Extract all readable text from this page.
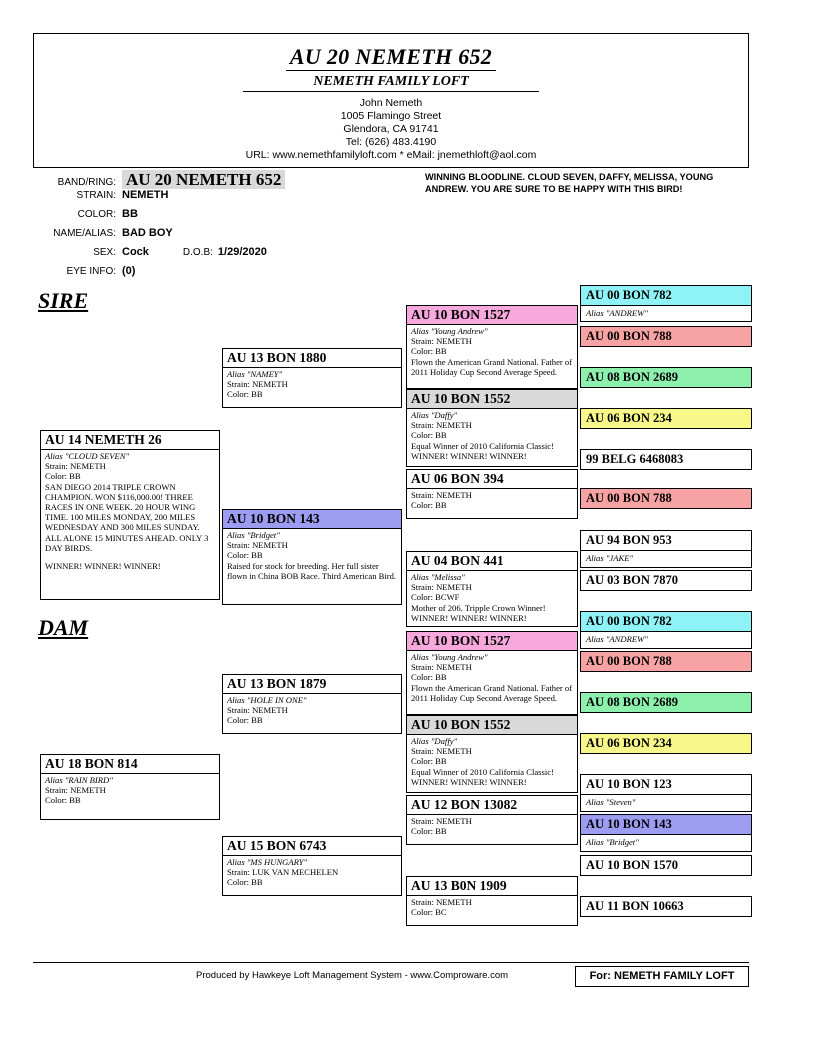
AU 20 NEMETH 652
NEMETH FAMILY LOFT
John Nemeth
1005 Flamingo Street
Glendora, CA 91741
Tel: (626) 483.4190
URL: www.nemethfamilyloft.com * eMail: jnemethloft@aol.com
BAND/RING: AU 20 NEMETH 652
STRAIN: NEMETH
COLOR: BB
NAME/ALIAS: BAD BOY
SEX: Cock	D.O.B: 1/29/2020
EYE INFO: (0)
WINNING BLOODLINE. CLOUD SEVEN, DAFFY, MELISSA, YOUNG ANDREW. YOU ARE SURE TO BE HAPPY WITH THIS BIRD!
SIRE
DAM
AU 14 NEMETH 26
Alias "CLOUD SEVEN"
Strain: NEMETH
Color: BB
SAN DIEGO 2014 TRIPLE CROWN CHAMPION. WON $116,000.00! THREE RACES IN ONE WEEK. 20 HOUR WING TIME. 100 MILES MONDAY, 200 MILES WEDNESDAY AND 300 MILES SUNDAY. ALL ALONE 15 MINUTES AHEAD. ONLY 3 DAY BIRDS.
WINNER! WINNER! WINNER!
AU 18 BON 814
Alias "RAIN BIRD"
Strain: NEMETH
Color: BB
AU 13 BON 1880
Alias "NAMEY"
Strain: NEMETH
Color: BB
AU 10 BON 143
Alias "Bridget"
Strain: NEMETH
Color: BB
Raised for stock for breeding. Her full sister flown in China BOB Race. Third American Bird.
AU 13 BON 1879
Alias "HOLE IN ONE"
Strain: NEMETH
Color: BB
AU 15 BON 6743
Alias "MS HUNGARY"
Strain: LUK VAN MECHELEN
Color: BB
AU 10 BON 1527
Alias "Young Andrew"
Strain: NEMETH
Color: BB
Flown the American Grand National. Father of 2011 Holiday Cup Second Average Speed.
AU 10 BON 1552
Alias "Daffy"
Strain: NEMETH
Color: BB
Equal Winner of 2010 California Classic! WINNER! WINNER! WINNER!
AU 06 BON 394
Strain: NEMETH
Color: BB
AU 04 BON 441
Alias "Melissa"
Strain: NEMETH
Color: BCWF
Mother of 206. Tripple Crown Winner! WINNER! WINNER! WINNER!
AU 10 BON 1527
Alias "Young Andrew"
Strain: NEMETH
Color: BB
Flown the American Grand National. Father of 2011 Holiday Cup Second Average Speed.
AU 10 BON 1552
Alias "Daffy"
Strain: NEMETH
Color: BB
Equal Winner of 2010 California Classic! WINNER! WINNER! WINNER!
AU 12 BON 13082
Strain: NEMETH
Color: BB
AU 13 B0N 1909
Strain: NEMETH
Color: BC
AU 00 BON 782
Alias "ANDREW"
AU 00 BON 788
AU 08 BON 2689
AU 06 BON 234
99 BELG 6468083
AU 00 BON 788
AU 94 BON 953
Alias "JAKE"
AU 03 BON 7870
AU 00 BON 782
Alias "ANDREW"
AU 00 BON 788
AU 08 BON 2689
AU 06 BON 234
AU 10 BON 123
Alias "Steven"
AU 10 BON 143
Alias "Bridget"
AU 10 BON 1570
AU 11 BON 10663
Produced by Hawkeye Loft Management System - www.Comproware.com	For: NEMETH FAMILY LOFT
